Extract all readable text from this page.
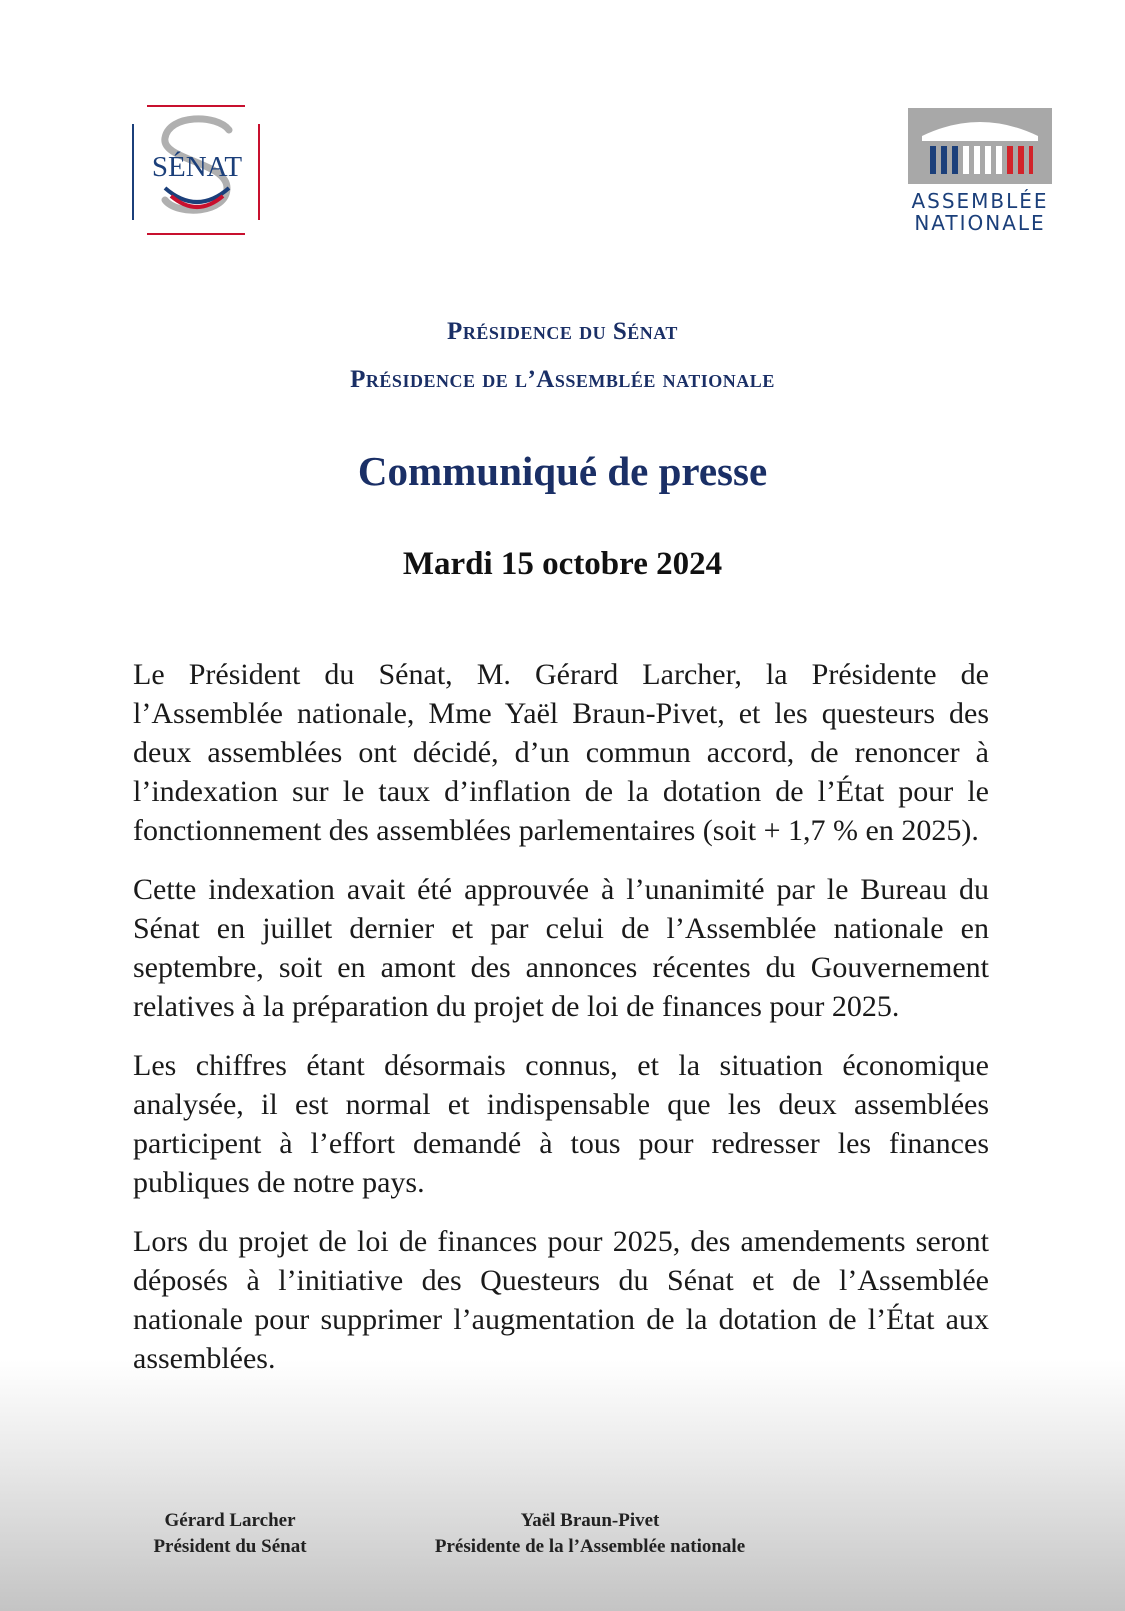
SÉNAT
ASSEMBLÉE
NATIONALE
Présidence du Sénat
Présidence de l’Assemblée nationale
Communiqué de presse
Mardi 15 octobre 2024

Le Président du Sénat, M. Gérard Larcher, la Présidente de l’Assemblée nationale, Mme Yaël Braun-Pivet, et les questeurs des deux assemblées ont décidé, d’un commun accord, de renoncer à l’indexation sur le taux d’inflation de la dotation de l’État pour le fonctionnement des assemblées parlementaires (soit + 1,7 % en 2025).

Cette indexation avait été approuvée à l’unanimité par le Bureau du Sénat en juillet dernier et par celui de l’Assemblée nationale en septembre, soit en amont des annonces récentes du Gouvernement relatives à la préparation du projet de loi de finances pour 2025.

Les chiffres étant désormais connus, et la situation économique analysée, il est normal et indispensable que les deux assemblées participent à l’effort demandé à tous pour redresser les finances publiques de notre pays.

Lors du projet de loi de finances pour 2025, des amendements seront déposés à l’initiative des Questeurs du Sénat et de l’Assemblée nationale pour supprimer l’augmentation de la dotation de l’État aux assemblées.

Gérard Larcher
Président du Sénat
Yaël Braun-Pivet
Présidente de la l’Assemblée nationale
